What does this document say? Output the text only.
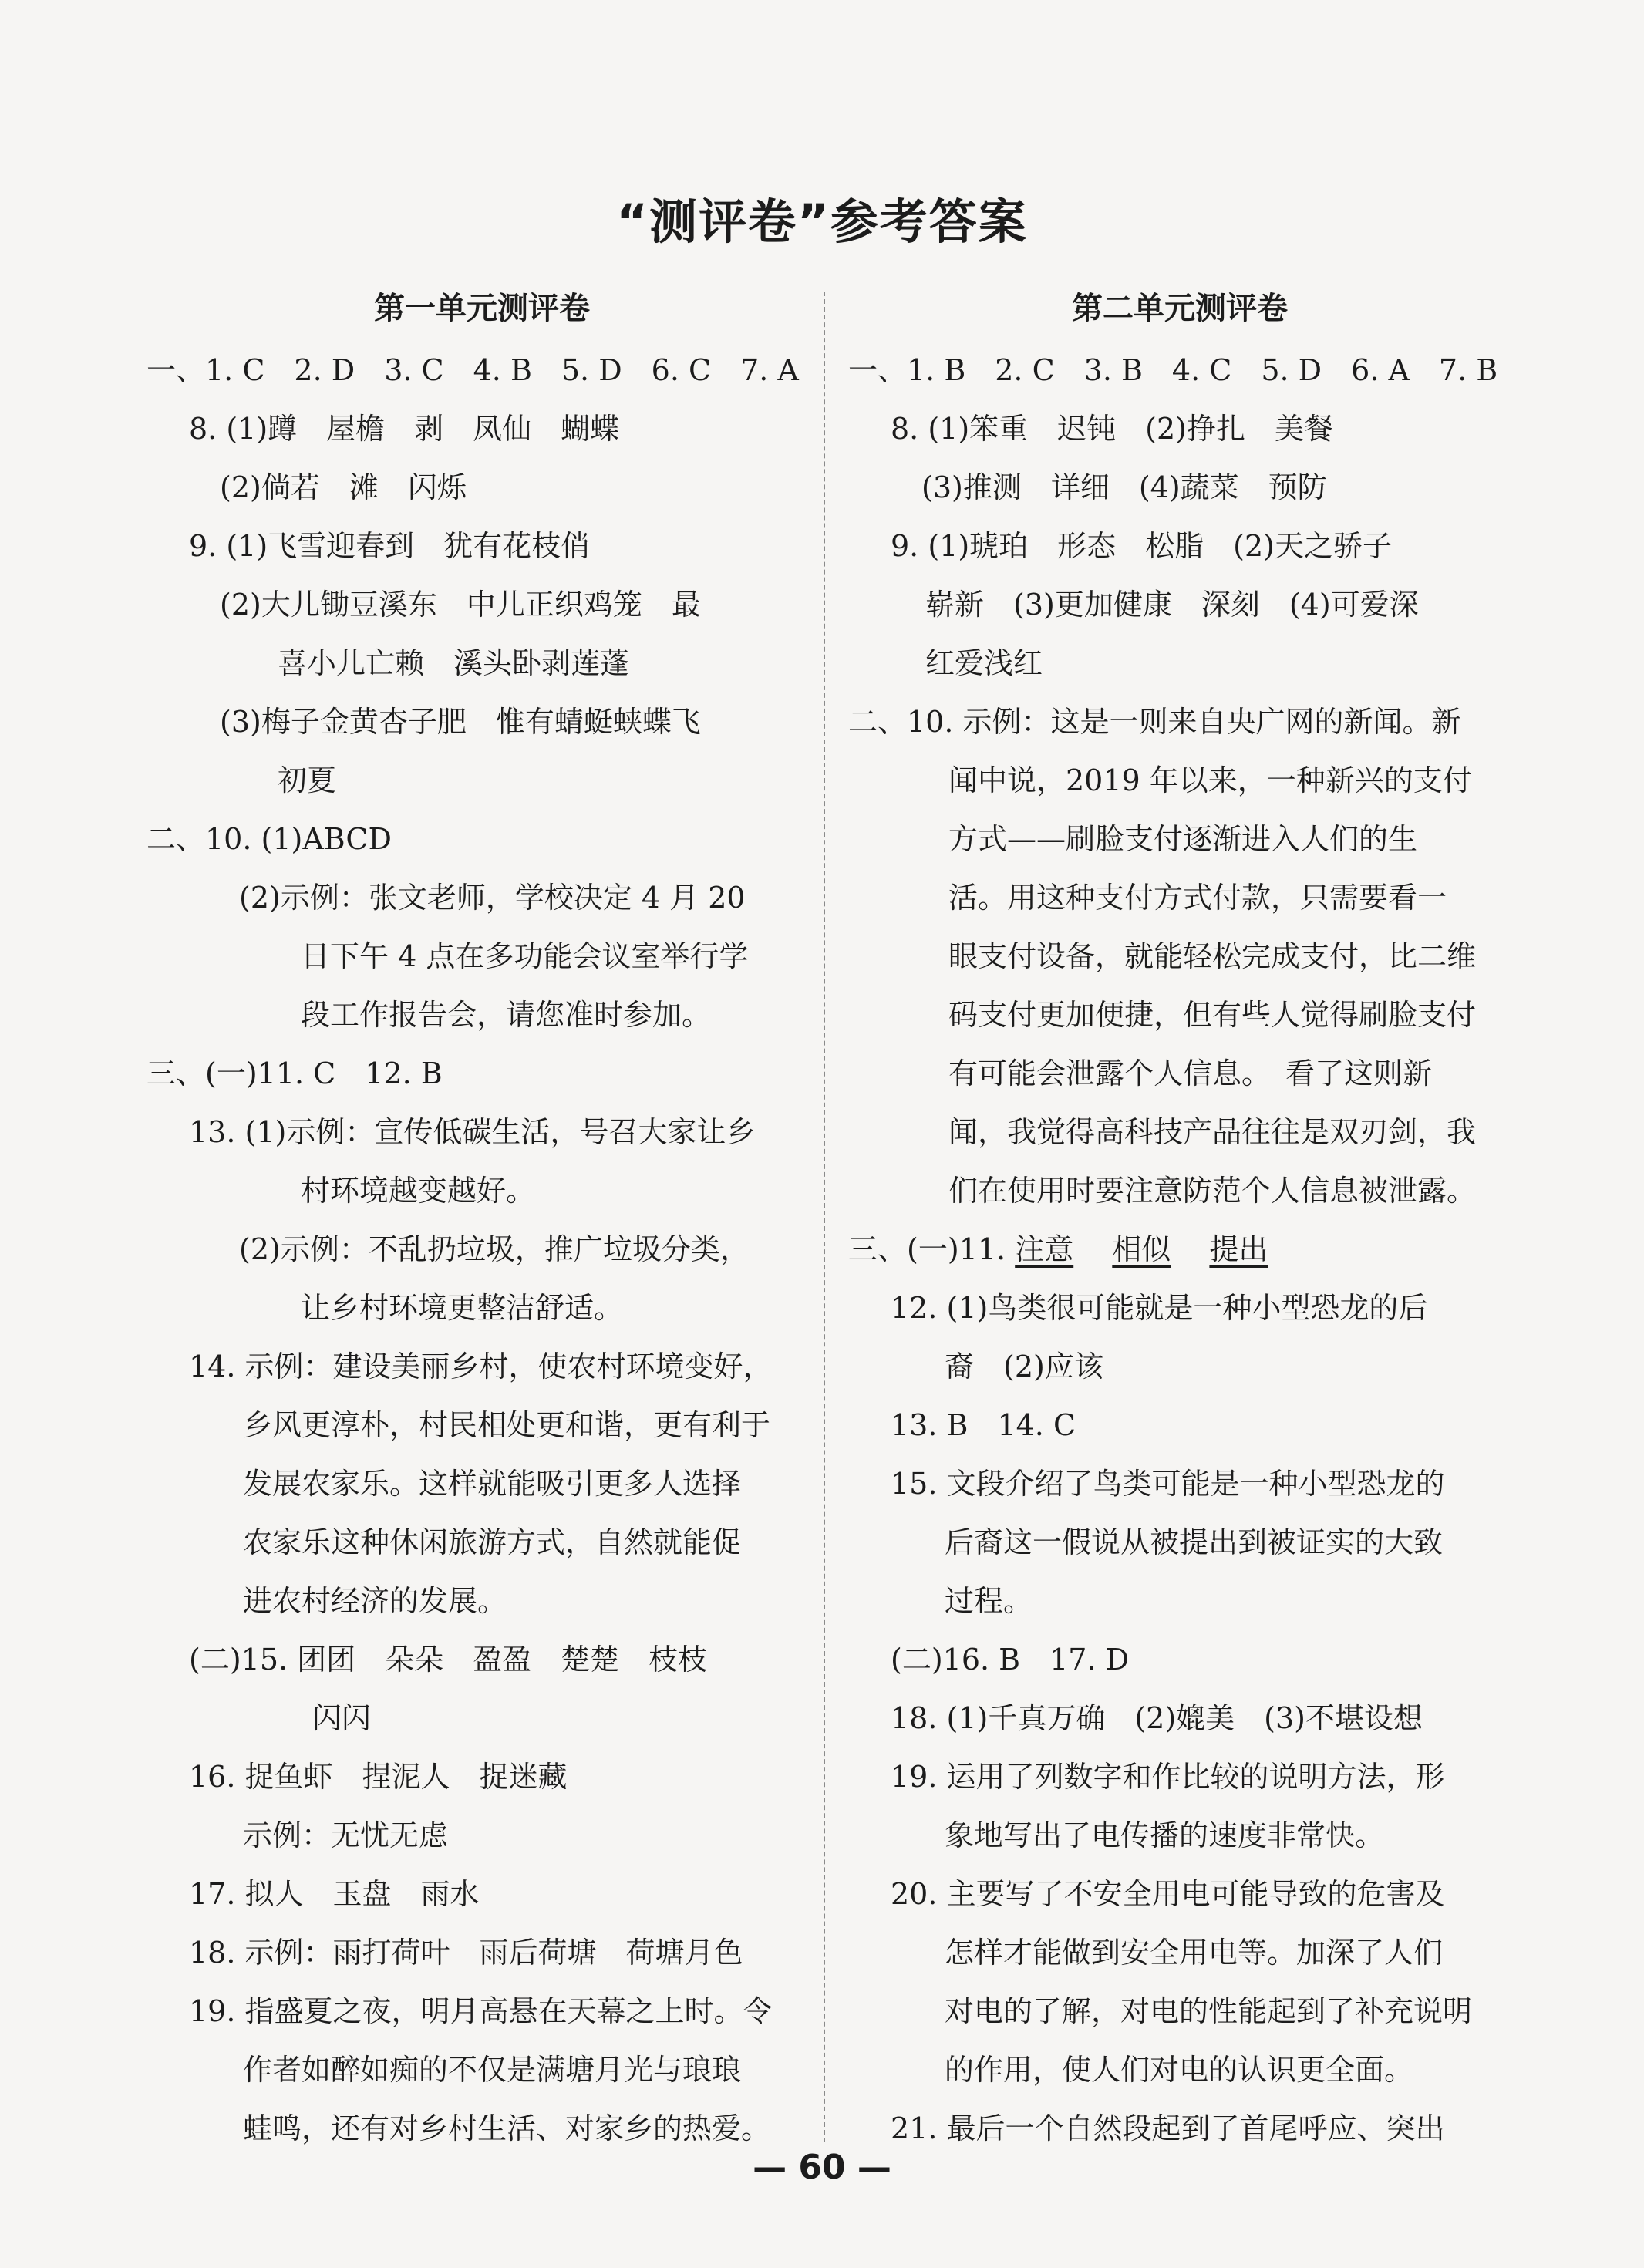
“测评卷”参考答案
第一单元测评卷
一、1. C　2. D　3. C　4. B　5. D　6. C　7. A
8. (1)蹲　屋檐　剥　凤仙　蝴蝶
(2)倘若　滩　闪烁
9. (1)飞雪迎春到　犹有花枝俏
(2)大儿锄豆溪东　中儿正织鸡笼　最
喜小儿亡赖　溪头卧剥莲蓬
(3)梅子金黄杏子肥　惟有蜻蜓蛱蝶飞
初夏
二、10. (1)ABCD
(2)示例：张文老师，学校决定 4 月 20
日下午 4 点在多功能会议室举行学
段工作报告会，请您准时参加。
三、(一)11. C　12. B
13. (1)示例：宣传低碳生活，号召大家让乡
村环境越变越好。
(2)示例：不乱扔垃圾，推广垃圾分类，
让乡村环境更整洁舒适。
14. 示例：建设美丽乡村，使农村环境变好，
乡风更淳朴，村民相处更和谐，更有利于
发展农家乐。这样就能吸引更多人选择
农家乐这种休闲旅游方式，自然就能促
进农村经济的发展。
(二)15. 团团　朵朵　盈盈　楚楚　枝枝
闪闪
16. 捉鱼虾　捏泥人　捉迷藏
示例：无忧无虑
17. 拟人　玉盘　雨水
18. 示例：雨打荷叶　雨后荷塘　荷塘月色
19. 指盛夏之夜，明月高悬在天幕之上时。令
作者如醉如痴的不仅是满塘月光与琅琅
蛙鸣，还有对乡村生活、对家乡的热爱。
第二单元测评卷
一、1. B　2. C　3. B　4. C　5. D　6. A　7. B
8. (1)笨重　迟钝　(2)挣扎　美餐
(3)推测　详细　(4)蔬菜　预防
9. (1)琥珀　形态　松脂　(2)天之骄子
崭新　(3)更加健康　深刻　(4)可爱深
红爱浅红
二、10. 示例：这是一则来自央广网的新闻。新
闻中说，2019 年以来，一种新兴的支付
方式——刷脸支付逐渐进入人们的生
活。用这种支付方式付款，只需要看一
眼支付设备，就能轻松完成支付，比二维
码支付更加便捷，但有些人觉得刷脸支付
有可能会泄露个人信息。　看了这则新
闻，我觉得高科技产品往往是双刃剑，我
们在使用时要注意防范个人信息被泄露。
三、(一)11. 注意　 相似　 提出
12. (1)鸟类很可能就是一种小型恐龙的后
裔　(2)应该
13. B　14. C
15. 文段介绍了鸟类可能是一种小型恐龙的
后裔这一假说从被提出到被证实的大致
过程。
(二)16. B　17. D
18. (1)千真万确　(2)媲美　(3)不堪设想
19. 运用了列数字和作比较的说明方法，形
象地写出了电传播的速度非常快。
20. 主要写了不安全用电可能导致的危害及
怎样才能做到安全用电等。加深了人们
对电的了解，对电的性能起到了补充说明
的作用，使人们对电的认识更全面。
21. 最后一个自然段起到了首尾呼应、突出
— 60 —
